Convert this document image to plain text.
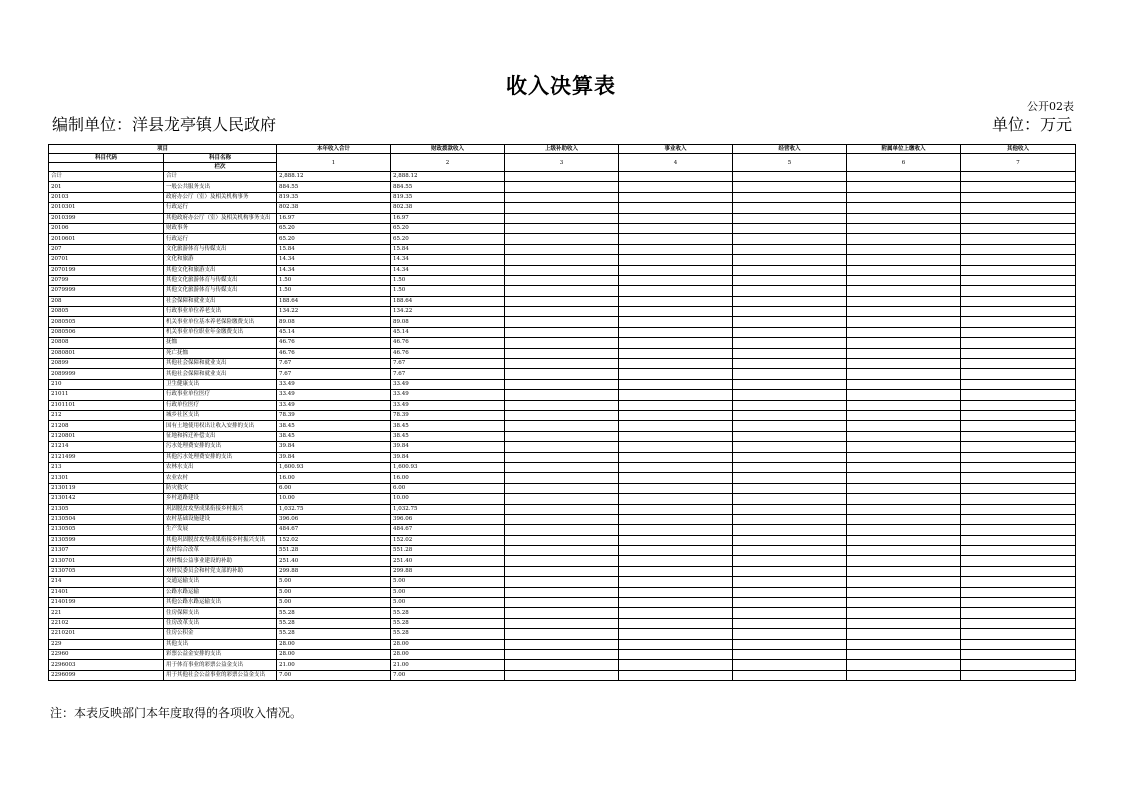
收入决算表
公开02表
编制单位：洋县龙亭镇人民政府	单位：万元
项目		本年收入合计	财政拨款收入	上级补助收入	事业收入	经营收入	附属单位上缴收入	其他收入
科目代码	科目名称	1	2	3	4	5	6	7
	栏次							
合计	合计	2,888.12	2,888.12					
201	一般公共服务支出	884.55	884.55					
20103	政府办公厅（室）及相关机构事务	819.35	819.35					
2010301	行政运行	802.38	802.38					
2010399	其他政府办公厅（室）及相关机构事务支出	16.97	16.97					
20106	财政事务	65.20	65.20					
2010601	行政运行	65.20	65.20					
207	文化旅游体育与传媒支出	15.84	15.84					
20701	文化和旅游	14.34	14.34					
2070199	其他文化和旅游支出	14.34	14.34					
20799	其他文化旅游体育与传媒支出	1.50	1.50					
2079999	其他文化旅游体育与传媒支出	1.50	1.50					
208	社会保障和就业支出	188.64	188.64					
20805	行政事业单位养老支出	134.22	134.22					
2080505	机关事业单位基本养老保险缴费支出	89.08	89.08					
2080506	机关事业单位职业年金缴费支出	45.14	45.14					
20808	抚恤	46.76	46.76					
2080801	死亡抚恤	46.76	46.76					
20899	其他社会保障和就业支出	7.67	7.67					
2089999	其他社会保障和就业支出	7.67	7.67					
210	卫生健康支出	33.49	33.49					
21011	行政事业单位医疗	33.49	33.49					
2101101	行政单位医疗	33.49	33.49					
212	城乡社区支出	78.39	78.39					
21208	国有土地使用权出让收入安排的支出	38.45	38.45					
2120801	征地和拆迁补偿支出	38.45	38.45					
21214	污水处理费安排的支出	39.84	39.84					
2121499	其他污水处理费安排的支出	39.84	39.84					
213	农林水支出	1,600.93	1,600.93					
21301	农业农村	16.00	16.00					
2130119	防灾救灾	6.00	6.00					
2130142	乡村道路建设	10.00	10.00					
21305	巩固脱贫攻坚成果衔接乡村振兴	1,032.75	1,032.75					
2130504	农村基础设施建设	396.06	396.06					
2130505	生产发展	484.67	484.67					
2130599	其他巩固脱贫攻坚成果衔接乡村振兴支出	152.02	152.02					
21307	农村综合改革	551.28	551.28					
2130701	对村级公益事业建设的补助	251.40	251.40					
2130705	对村民委员会和村党支部的补助	299.88	299.88					
214	交通运输支出	5.00	5.00					
21401	公路水路运输	5.00	5.00					
2140199	其他公路水路运输支出	5.00	5.00					
221	住房保障支出	55.28	55.28					
22102	住房改革支出	55.28	55.28					
2210201	住房公积金	55.28	55.28					
229	其他支出	28.00	28.00					
22960	彩票公益金安排的支出	28.00	28.00					
2296003	用于体育事业的彩票公益金支出	21.00	21.00					
2296099	用于其他社会公益事业的彩票公益金支出	7.00	7.00					
注：本表反映部门本年度取得的各项收入情况。
